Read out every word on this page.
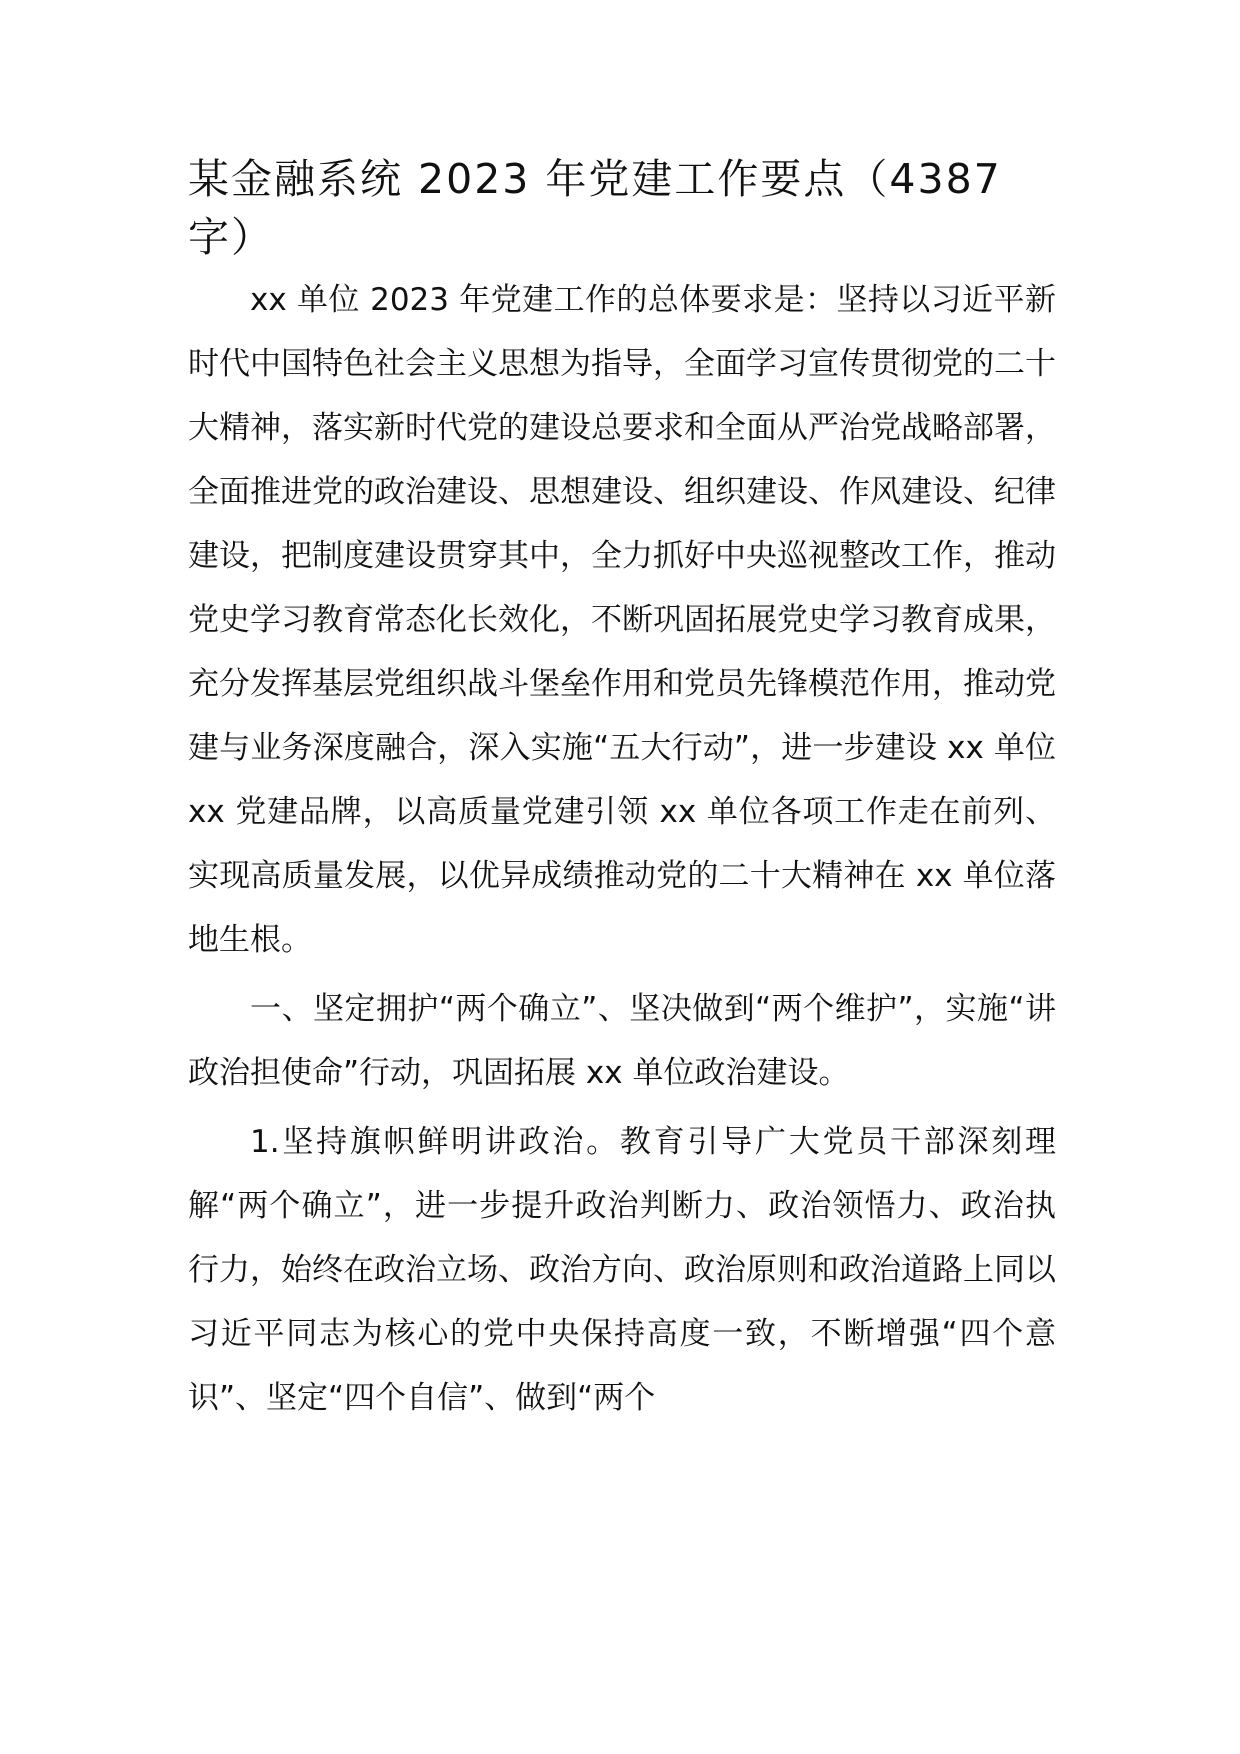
某金融系统 2023 年党建工作要点（4387 字）

xx 单位 2023 年党建工作的总体要求是：坚持以习近平新时代中国特色社会主义思想为指导，全面学习宣传贯彻党的二十大精神，落实新时代党的建设总要求和全面从严治党战略部署，全面推进党的政治建设、思想建设、组织建设、作风建设、纪律建设，把制度建设贯穿其中，全力抓好中央巡视整改工作，推动党史学习教育常态化长效化，不断巩固拓展党史学习教育成果，充分发挥基层党组织战斗堡垒作用和党员先锋模范作用，推动党建与业务深度融合，深入实施“五大行动”，进一步建设 xx 单位 xx 党建品牌，以高质量党建引领 xx 单位各项工作走在前列、实现高质量发展，以优异成绩推动党的二十大精神在 xx 单位落地生根。

一、坚定拥护“两个确立”、坚决做到“两个维护”，实施“讲政治担使命”行动，巩固拓展 xx 单位政治建设。

1.坚持旗帜鲜明讲政治。教育引导广大党员干部深刻理解“两个确立”，进一步提升政治判断力、政治领悟力、政治执行力，始终在政治立场、政治方向、政治原则和政治道路上同以习近平同志为核心的党中央保持高度一致，不断增强“四个意识”、坚定“四个自信”、做到“两个
